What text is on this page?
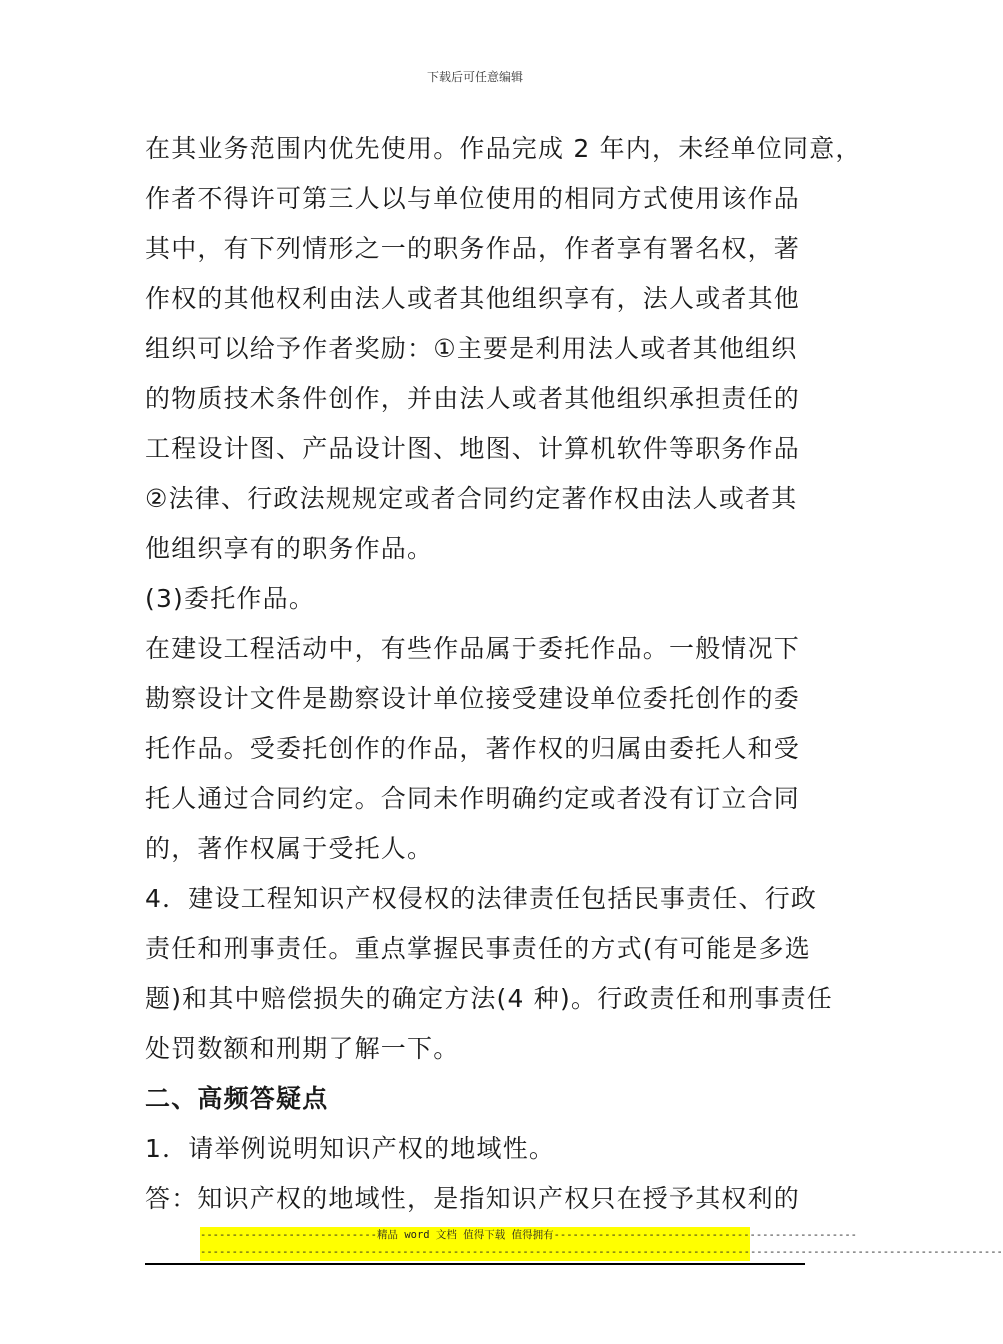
下载后可任意编辑
在其业务范围内优先使用。作品完成 2 年内，未经单位同意，
作者不得许可第三人以与单位使用的相同方式使用该作品
其中，有下列情形之一的职务作品，作者享有署名权，著
作权的其他权利由法人或者其他组织享有，法人或者其他
组织可以给予作者奖励：①主要是利用法人或者其他组织
的物质技术条件创作，并由法人或者其他组织承担责任的
工程设计图、产品设计图、地图、计算机软件等职务作品
②法律、行政法规规定或者合同约定著作权由法人或者其
他组织享有的职务作品。
(3)委托作品。
在建设工程活动中，有些作品属于委托作品。一般情况下
勘察设计文件是勘察设计单位接受建设单位委托创作的委
托作品。受委托创作的作品，著作权的归属由委托人和受
托人通过合同约定。合同未作明确约定或者没有订立合同
的，著作权属于受托人。
4．建设工程知识产权侵权的法律责任包括民事责任、行政
责任和刑事责任。重点掌握民事责任的方式(有可能是多选
题)和其中赔偿损失的确定方法(4 种)。行政责任和刑事责任
处罚数额和刑期了解一下。
二、高频答疑点
1．请举例说明知识产权的地域性。
答：知识产权的地域性，是指知识产权只在授予其权利的
----------------------------精品 word 文档 值得下载 值得拥有------------------------------------------------
-------------------------------------------------------------------------------------------------------------------------------
